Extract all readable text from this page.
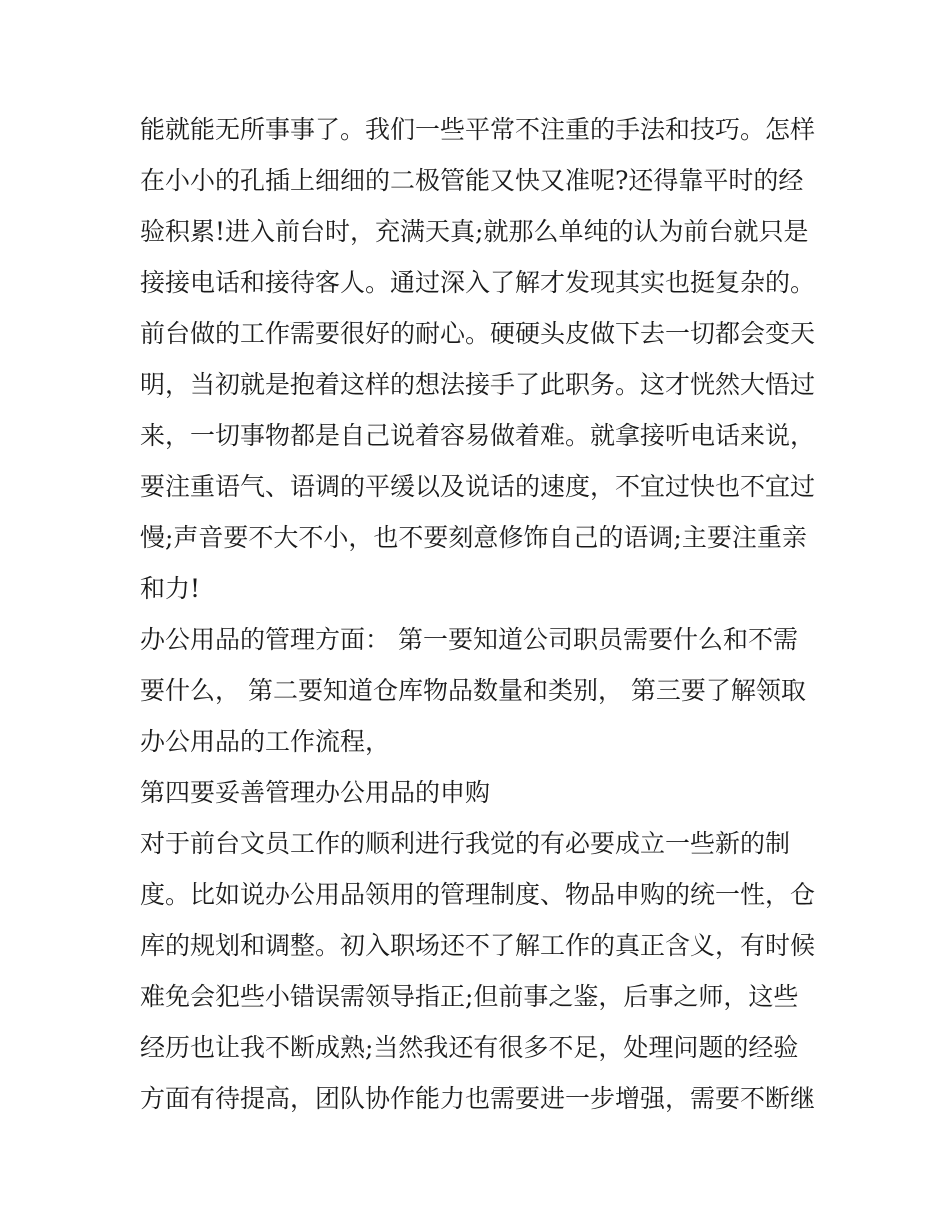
能就能无所事事了。我们一些平常不注重的手法和技巧。怎样
在小小的孔插上细细的二极管能又快又准呢?还得靠平时的经
验积累!进入前台时，充满天真;就那么单纯的认为前台就只是
接接电话和接待客人。通过深入了解才发现其实也挺复杂的。
前台做的工作需要很好的耐心。硬硬头皮做下去一切都会变天
明，当初就是抱着这样的想法接手了此职务。这才恍然大悟过
来，一切事物都是自己说着容易做着难。就拿接听电话来说，
要注重语气、语调的平缓以及说话的速度，不宜过快也不宜过
慢;声音要不大不小，也不要刻意修饰自己的语调;主要注重亲
和力!
办公用品的管理方面： 第一要知道公司职员需要什么和不需
要什么， 第二要知道仓库物品数量和类别， 第三要了解领取
办公用品的工作流程，
第四要妥善管理办公用品的申购
对于前台文员工作的顺利进行我觉的有必要成立一些新的制
度。比如说办公用品领用的管理制度、物品申购的统一性，仓
库的规划和调整。初入职场还不了解工作的真正含义，有时候
难免会犯些小错误需领导指正;但前事之鉴，后事之师，这些
经历也让我不断成熟;当然我还有很多不足，处理问题的经验
方面有待提高，团队协作能力也需要进一步增强，需要不断继
